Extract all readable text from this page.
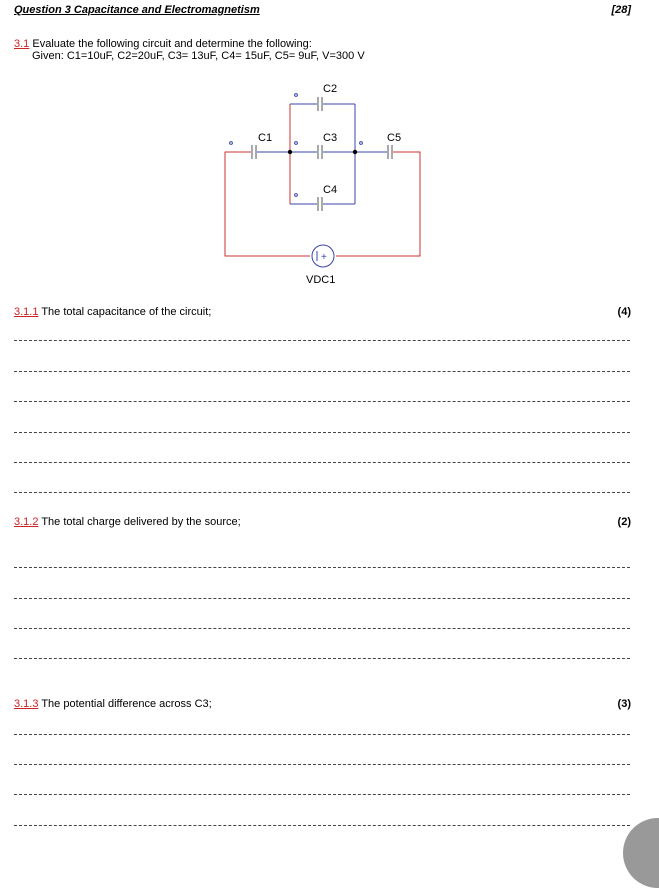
Question 3 Capacitance and Electromagnetism	[28]
3.1 Evaluate the following circuit and determine the following:
Given: C1=10uF, C2=20uF, C3= 13uF, C4= 15uF, C5= 9uF, V=300 V
C1
C2
C3
C4
C5
+
VDC1
3.1.1 The total capacitance of the circuit;	(4)
3.1.2 The total charge delivered by the source;	(2)
3.1.3 The potential difference across C3;	(3)
